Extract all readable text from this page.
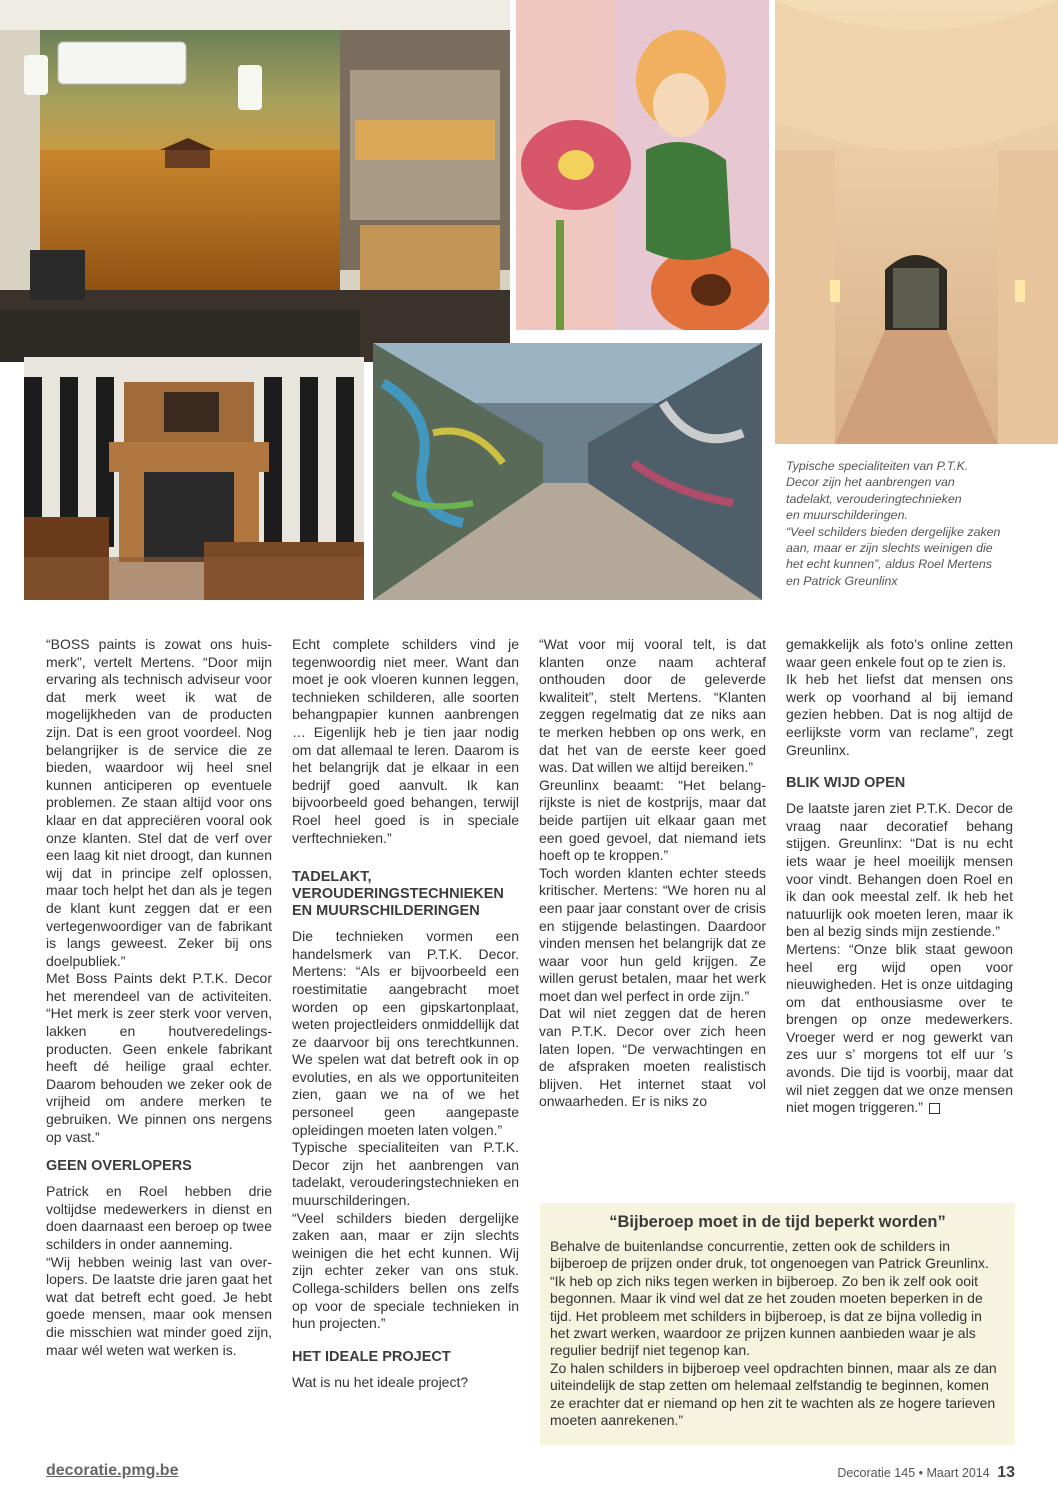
Typische specialiteiten van P.T.K.
Decor zijn het aanbrengen van
tadelakt, verouderingtechnieken
en muurschilderingen.
“Veel schilders bieden dergelijke zaken
aan, maar er zijn slechts weinigen die
het echt kunnen”, aldus Roel Mertens
en Patrick Greunlinx

“BOSS paints is zowat ons huismerk”, vertelt Mertens. “Door mijn ervaring als technisch adviseur voor dat merk weet ik wat de mogelijkheden van de producten zijn. Dat is een groot voordeel. Nog belangrijker is de service die ze bieden, waardoor wij heel snel kunnen anticiperen op eventuele problemen. Ze staan altijd voor ons klaar en dat appreciëren vooral ook onze klanten. Stel dat de verf over een laag kit niet droogt, dan kunnen wij dat in principe zelf oplossen, maar toch helpt het dan als je tegen de klant kunt zeggen dat er een vertegenwoordiger van de fabrikant is langs geweest. Zeker bij ons doelpubliek.”

Met Boss Paints dekt P.T.K. Decor het merendeel van de activiteiten. “Het merk is zeer sterk voor verven, lakken en houtveredelingsproducten. Geen enkele fabrikant heeft dé heilige graal echter. Daarom behouden we zeker ook de vrijheid om andere merken te gebruiken. We pinnen ons nergens op vast.”

GEEN OVERLOPERS

Patrick en Roel hebben drie voltijdse medewerkers in dienst en doen daarnaast een beroep op twee schilders in onder aanneming.

“Wij hebben weinig last van overlopers. De laatste drie jaren gaat het wat dat betreft echt goed. Je hebt goede mensen, maar ook mensen die misschien wat minder goed zijn, maar wél weten wat werken is.

Echt complete schilders vind je tegenwoordig niet meer. Want dan moet je ook vloeren kunnen leggen, technieken schilderen, alle soorten behangpapier kunnen aanbrengen … Eigenlijk heb je tien jaar nodig om dat allemaal te leren. Daarom is het belangrijk dat je elkaar in een bedrijf goed aanvult. Ik kan bijvoorbeeld goed behangen, terwijl Roel heel goed is in speciale verftechnieken.”

TADELAKT, VEROUDERINGSTECHNIEKEN EN MUURSCHILDERINGEN

Die technieken vormen een handelsmerk van P.T.K. Decor. Mertens: “Als er bijvoorbeeld een roestimitatie aangebracht moet worden op een gipskartonplaat, weten projectleiders onmiddellijk dat ze daarvoor bij ons terechtkunnen. We spelen wat dat betreft ook in op evoluties, en als we opportuniteiten zien, gaan we na of we het personeel geen aangepaste opleidingen moeten laten volgen.”

Typische specialiteiten van P.T.K. Decor zijn het aanbrengen van tadelakt, verouderingstechnieken en muurschilderingen.

“Veel schilders bieden dergelijke zaken aan, maar er zijn slechts weinigen die het echt kunnen. Wij zijn echter zeker van ons stuk. Collega-schilders bellen ons zelfs op voor de speciale technieken in hun projecten.”

HET IDEALE PROJECT

Wat is nu het ideale project?

“Wat voor mij vooral telt, is dat klanten onze naam achteraf onthouden door de geleverde kwaliteit”, stelt Mertens. “Klanten zeggen regelmatig dat ze niks aan te merken hebben op ons werk, en dat het van de eerste keer goed was. Dat willen we altijd bereiken.”

Greunlinx beaamt: “Het belangrijkste is niet de kostprijs, maar dat beide partijen uit elkaar gaan met een goed gevoel, dat niemand iets hoeft op te kroppen.”

Toch worden klanten echter steeds kritischer. Mertens: “We horen nu al een paar jaar constant over de crisis en stijgende belastingen. Daardoor vinden mensen het belangrijk dat ze waar voor hun geld krijgen. Ze willen gerust betalen, maar het werk moet dan wel perfect in orde zijn.”

Dat wil niet zeggen dat de heren van P.T.K. Decor over zich heen laten lopen. “De verwachtingen en de afspraken moeten realistisch blijven. Het internet staat vol onwaarheden. Er is niks zo

gemakkelijk als foto’s online zetten waar geen enkele fout op te zien is.

Ik heb het liefst dat mensen ons werk op voorhand al bij iemand gezien hebben. Dat is nog altijd de eerlijkste vorm van reclame”, zegt Greunlinx.

BLIK WIJD OPEN

De laatste jaren ziet P.T.K. Decor de vraag naar decoratief behang stijgen. Greunlinx: “Dat is nu echt iets waar je heel moeilijk mensen voor vindt. Behangen doen Roel en ik dan ook meestal zelf. Ik heb het natuurlijk ook moeten leren, maar ik ben al bezig sinds mijn zestiende.”

Mertens: “Onze blik staat gewoon heel erg wijd open voor nieuwigheden. Het is onze uitdaging om dat enthousiasme over te brengen op onze medewerkers. Vroeger werd er nog gewerkt van zes uur s’ morgens tot elf uur ’s avonds. Die tijd is voorbij, maar dat wil niet zeggen dat we onze mensen niet mogen triggeren.”

“Bijberoep moet in de tijd beperkt worden”

Behalve de buitenlandse concurrentie, zetten ook de schilders in bijberoep de prijzen onder druk, tot ongenoegen van Patrick Greunlinx. “Ik heb op zich niks tegen werken in bijberoep. Zo ben ik zelf ook ooit begonnen. Maar ik vind wel dat ze het zouden moeten beperken in de tijd. Het probleem met schilders in bijberoep, is dat ze bijna volledig in het zwart werken, waardoor ze prijzen kunnen aanbieden waar je als regulier bedrijf niet tegenop kan.

Zo halen schilders in bijberoep veel opdrachten binnen, maar als ze dan uiteindelijk de stap zetten om helemaal zelfstandig te beginnen, komen ze erachter dat er niemand op hen zit te wachten als ze hogere tarieven moeten aanrekenen.”

decoratie.pmg.be	Decoratie 145 • Maart 2014 13
